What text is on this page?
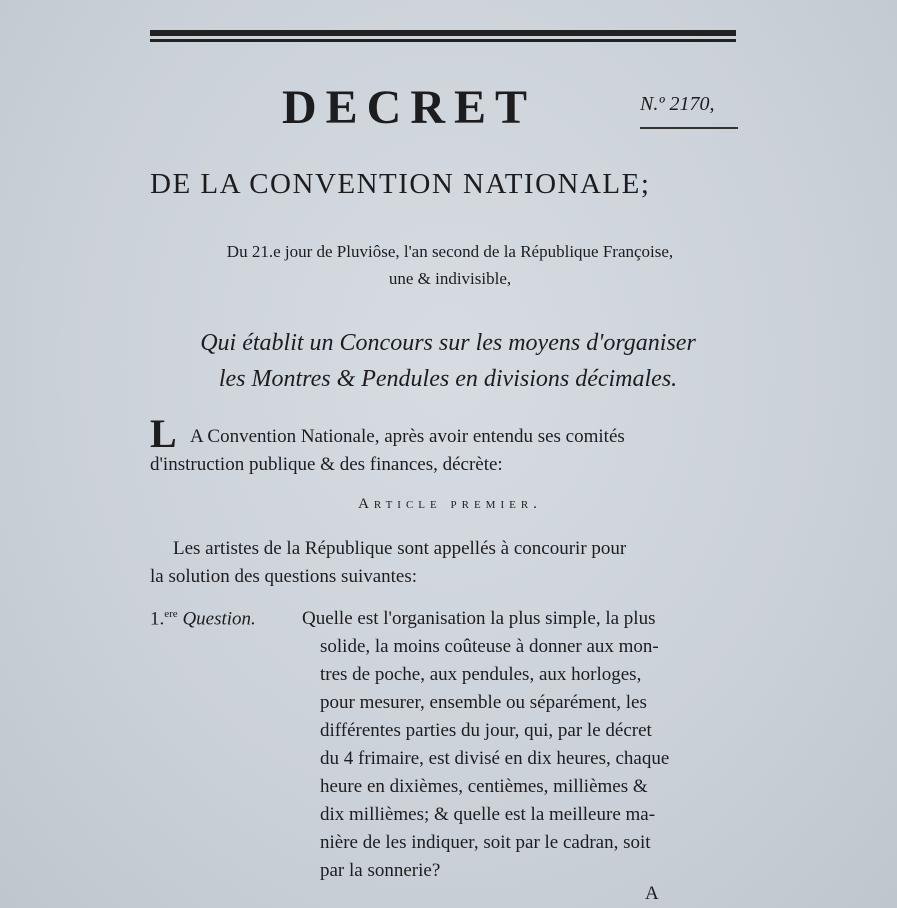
DECRET	N.º 2170,
DE LA CONVENTION NATIONALE;
Du 21.e jour de Pluviôse, l'an second de la République Françoise,
une & indivisible,
Qui établit un Concours sur les moyens d'organiser
les Montres & Pendules en divisions décimales.
L A Convention Nationale, après avoir entendu ses comités
d'instruction publique & des finances, décrète:
Article premier.
Les artistes de la République sont appellés à concourir pour
la solution des questions suivantes:
1.$^{ere}$ Question. Quelle est l'organisation la plus simple, la plus
solide, la moins coûteuse à donner aux mon-
tres de poche, aux pendules, aux horloges,
pour mesurer, ensemble ou séparément, les
différentes parties du jour, qui, par le décret
du 4 frimaire, est divisé en dix heures, chaque
heure en dixièmes, centièmes, millièmes &
dix millièmes; & quelle est la meilleure ma-
nière de les indiquer, soit par le cadran, soit
par la sonnerie?
A
